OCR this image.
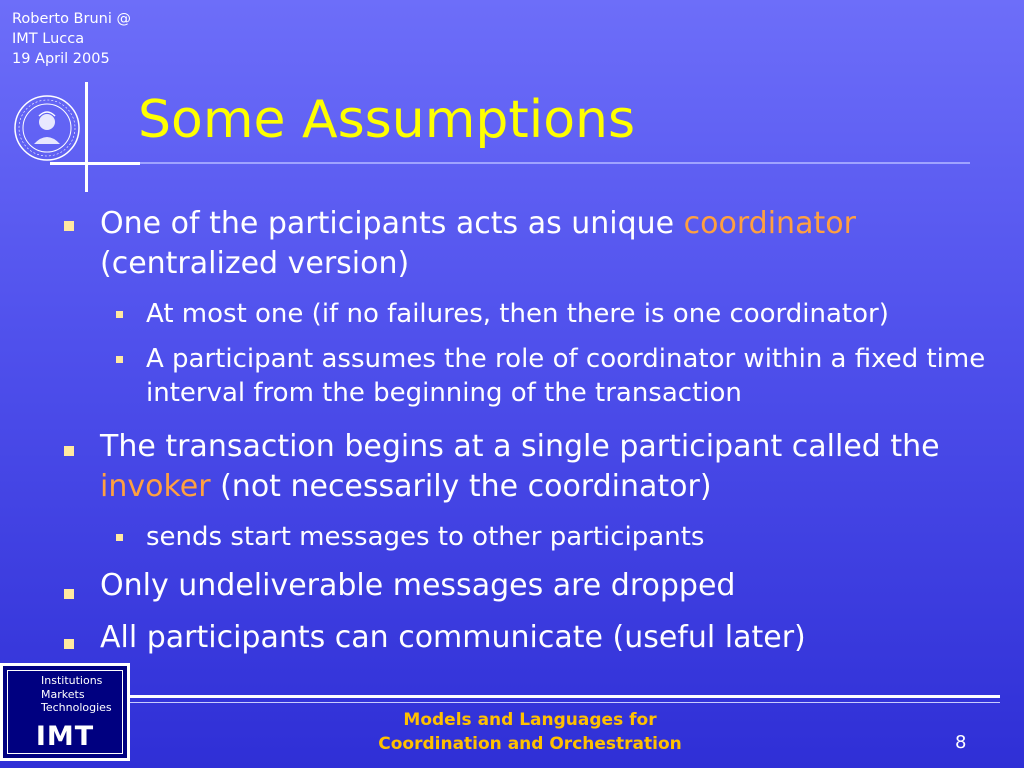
Roberto Bruni @
IMT Lucca
19 April 2005
Some Assumptions
One of the participants acts as unique coordinator (centralized version)
At most one (if no failures, then there is one coordinator)
A participant assumes the role of coordinator within a fixed time interval from the beginning of the transaction
The transaction begins at a single participant called the invoker (not necessarily the coordinator)
sends start messages to other participants
Only undeliverable messages are dropped
All participants can communicate (useful later)
Institutions
Markets
Technologies
IMT
Models and Languages for
Coordination and Orchestration	8
